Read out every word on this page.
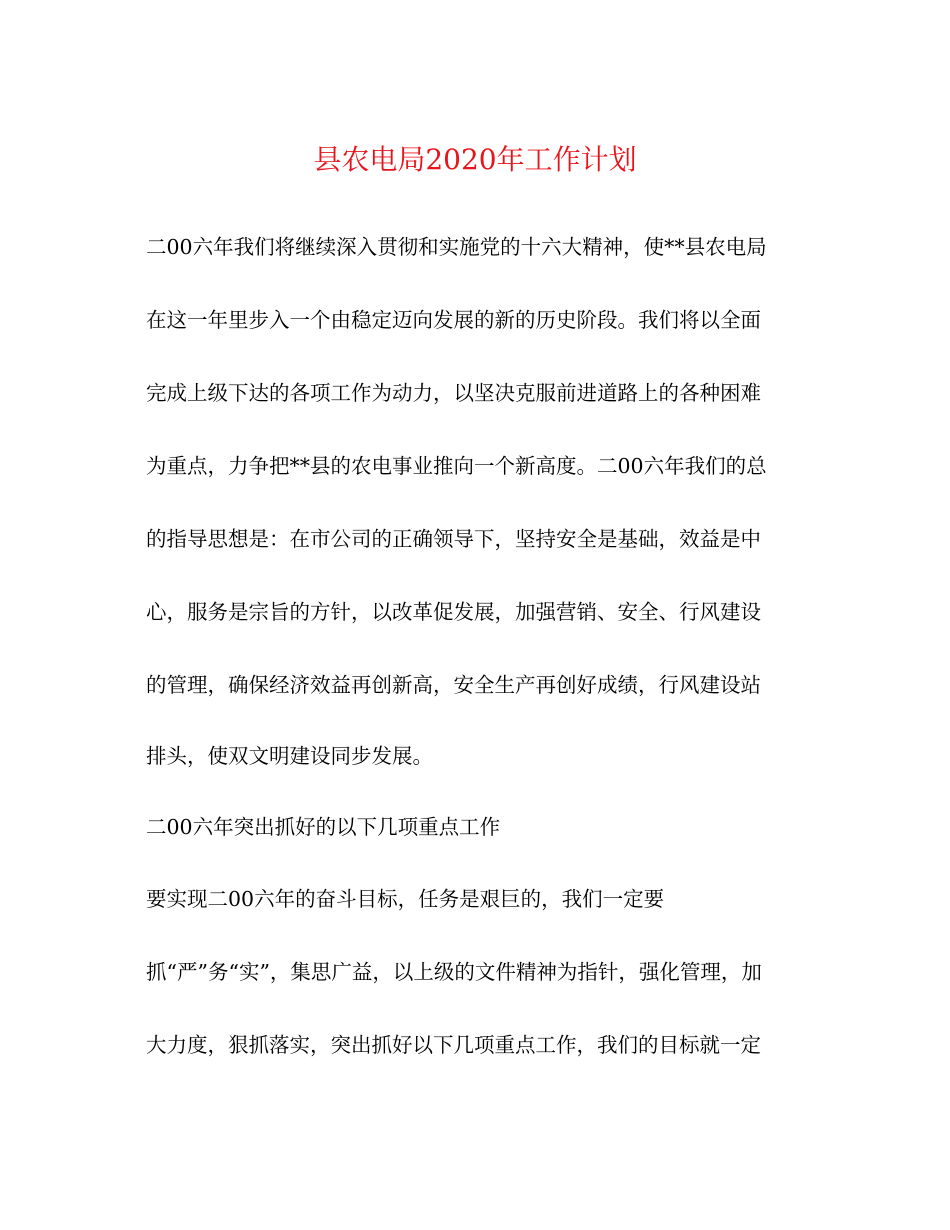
县农电局2020年工作计划
二00六年我们将继续深入贯彻和实施党的十六大精神，使**县农电局
在这一年里步入一个由稳定迈向发展的新的历史阶段。我们将以全面
完成上级下达的各项工作为动力，以坚决克服前进道路上的各种困难
为重点，力争把**县的农电事业推向一个新高度。二00六年我们的总
的指导思想是：在市公司的正确领导下，坚持安全是基础，效益是中
心，服务是宗旨的方针，以改革促发展，加强营销、安全、行风建设
的管理，确保经济效益再创新高，安全生产再创好成绩，行风建设站
排头，使双文明建设同步发展。
二00六年突出抓好的以下几项重点工作
要实现二00六年的奋斗目标，任务是艰巨的，我们一定要
抓“严”务“实”，集思广益，以上级的文件精神为指针，强化管理，加
大力度，狠抓落实，突出抓好以下几项重点工作，我们的目标就一定
